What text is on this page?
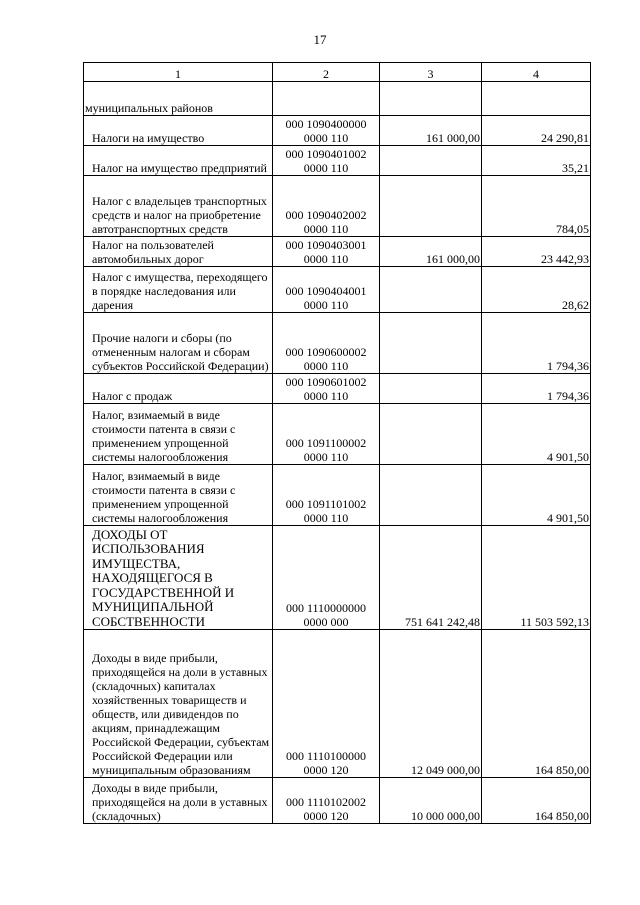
17
1	2	3	4
муниципальных районов	

Налоги на имущество	000 1090400000
0000 110	161 000,00	24 290,81
Налог на имущество предприятий	000 1090401002
0000 110		35,21
Налог с владельцев транспортных средств и налог на приобретение автотранспортных средств	000 1090402002
0000 110		784,05
Налог на пользователей автомобильных дорог	000 1090403001
0000 110	161 000,00	23 442,93
Налог с имущества, переходящего в порядке наследования или дарения	000 1090404001
0000 110		28,62
Прочие налоги и сборы (по отмененным налогам и сборам субъектов Российской Федерации)	000 1090600002
0000 110		1 794,36
Налог с продаж	000 1090601002
0000 110		1 794,36
Налог, взимаемый в виде стоимости патента в связи с применением упрощенной системы налогообложения	000 1091100002
0000 110		4 901,50
Налог, взимаемый в виде стоимости патента в связи с применением упрощенной системы налогообложения	000 1091101002
0000 110		4 901,50
ДОХОДЫ ОТ ИСПОЛЬЗОВАНИЯ ИМУЩЕСТВА, НАХОДЯЩЕГОСЯ В ГОСУДАРСТВЕННОЙ И МУНИЦИПАЛЬНОЙ СОБСТВЕННОСТИ	000 1110000000
0000 000	751 641 242,48	11 503 592,13
Доходы в виде прибыли, приходящейся на доли в уставных (складочных) капиталах хозяйственных товариществ и обществ, или дивидендов по акциям, принадлежащим Российской Федерации, субъектам Российской Федерации или муниципальным образованиям	000 1110100000
0000 120	12 049 000,00	164 850,00
Доходы в виде прибыли, приходящейся на доли в уставных (складочных)	000 1110102002
0000 120	10 000 000,00	164 850,00
